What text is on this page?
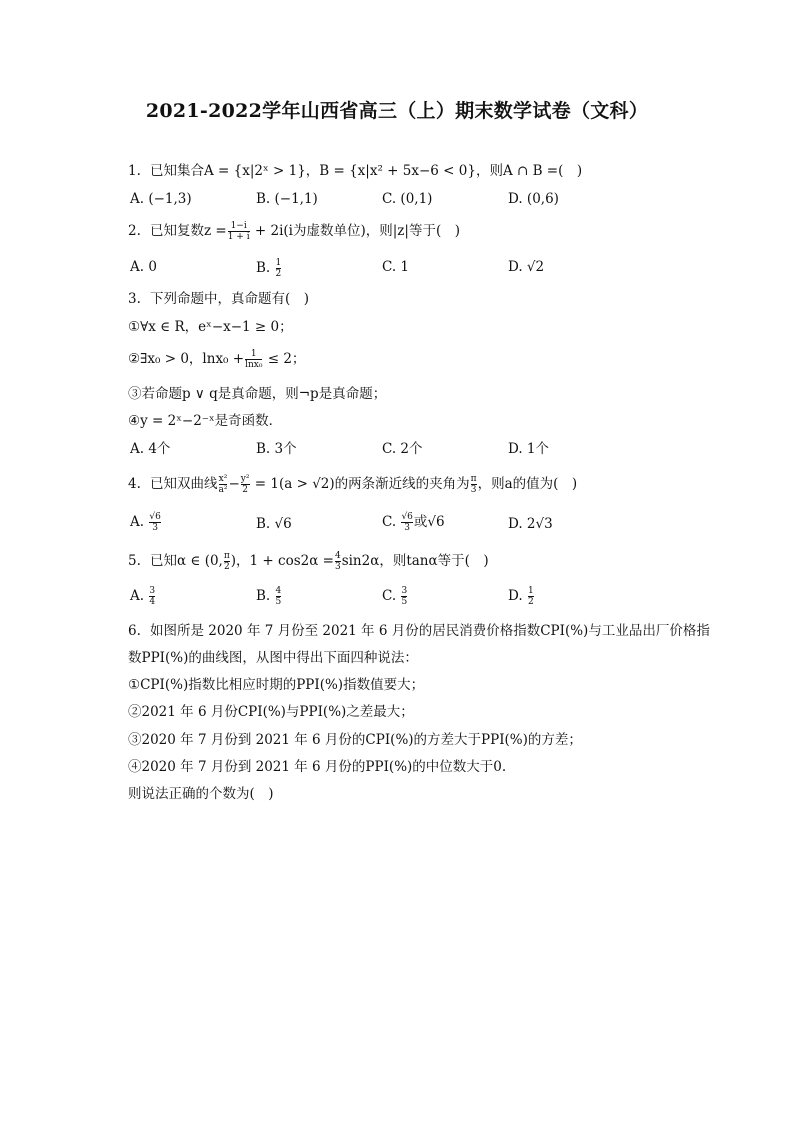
2021-2022学年山西省高三（上）期末数学试卷（文科）
1. 已知集合A = {x|2ˣ > 1}，B = {x|x² + 5x−6 < 0}，则A ∩ B =(　)
A. (−1,3)	B. (−1,1)	C. (0,1)	D. (0,6)
2. 已知复数$z = \frac{1-i}{1 + i} + 2i(i$为虚数单位)，则|z|等于(　)
A. 0	B. $\frac{1}{2}$	C. 1	D. √2
3. 下列命题中，真命题有(　)
①∀x ∈ R，eˣ−x−1 ≥ 0；
②∃x₀ > 0，$\ln x_0 + \frac{1}{\text{lnx₀}} \le 2$；
③若命题p ∨ q是真命题，则¬p是真命题；
④y = 2ˣ−2⁻ˣ是奇函数．
A. 4个	B. 3个	C. 2个	D. 1个
4. 已知双曲线 $\frac{\text{x²}}{\text{a²}} - \frac{\text{y²}}{2} = 1(a > √2)$的两条渐近线的夹角为 $\frac{\pi}{3}$ ，则a的值为(　)
A. $\frac{√6}{3}$	B. √6	C. $\frac{√6}{3}$ 或√6	D. 2√3
5. 已知α ∈ (0, $\frac{\pi}{2}$ )，$1 + \cos 2\alpha = \frac{4}{3} \sin 2\alpha$，则tanα等于(　)
A. $\frac{3}{4}$	B. $\frac{4}{5}$	C. $\frac{3}{5}$	D. $\frac{1}{2}$
6. 如图所是 2020 年 7 月份至 2021 年 6 月份的居民消费价格指数CPI(%)与工业品出厂价格指
数PPI(%)的曲线图，从图中得出下面四种说法：
①CPI(%)指数比相应时期的PPI(%)指数值要大；
②2021 年 6 月份CPI(%)与PPI(%)之差最大；
③2020 年 7 月份到 2021 年 6 月份的CPI(%)的方差大于PPI(%)的方差；
④2020 年 7 月份到 2021 年 6 月份的PPI(%)的中位数大于0.
则说法正确的个数为(　)
